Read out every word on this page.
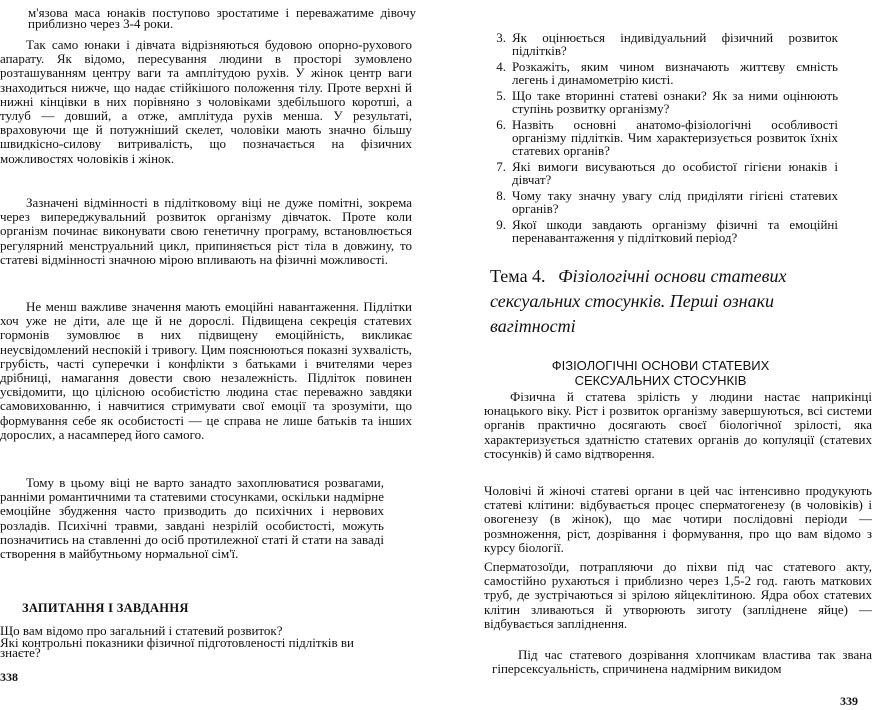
м'язова маса юнаків поступово зростатиме і переважатиме дівочу приблизно через 3-4 роки.

Так само юнаки і дівчата відрізняються будовою опорно-рухового апарату. Як відомо, пересування людини в просторі зумовлено розташуванням центру ваги та амплітудою рухів. У жінок центр ваги знаходиться нижче, що надає стійкішого положення тілу. Проте верхні й нижні кінцівки в них порівняно з чоловіками здебільшого коротші, а тулуб — довший, а отже, амплітуда рухів менша. У результаті, враховуючи ще й потужніший скелет, чоловіки мають значно більшу швидкісно-силову витривалість, що позначається на фізичних можливостях чоловіків і жінок.

Зазначені відмінності в підлітковому віці не дуже помітні, зокрема через випереджувальний розвиток організму дівчаток. Проте коли організм починає виконувати свою генетичну програму, встановлюється регулярний менструальний цикл, припиняється ріст тіла в довжину, то статеві відмінності значною мірою впливають на фізичні можливості.

Не менш важливе значення мають емоційні навантаження. Підлітки хоч уже не діти, але ще й не дорослі. Підвищена секреція статевих гормонів зумовлює в них підвищену емоційність, викликає неусвідомлений неспокій і тривогу. Цим пояснюються показні зухвалість, грубість, часті суперечки і конфлікти з батьками і вчителями через дрібниці, намагання довести свою незалежність. Підліток повинен усвідомити, що цілісною особистістю людина стає переважно завдяки самовихованню, і навчитися стримувати свої емоції та зрозуміти, що формування себе як особистості — це справа не лише батьків та інших дорослих, а насамперед його самого.

Тому в цьому віці не варто занадто захоплюватися розвагами, ранніми романтичними та статевими стосунками, оскільки надмірне емоційне збудження часто призводить до психічних і нервових розладів. Психічні травми, завдані незрілій особистості, можуть позначитись на ставленні до осіб протилежної статі й стати на заваді створення в майбутньому нормальної сім'ї.

ЗАПИТАННЯ І ЗАВДАННЯ
Що вам відомо про загальний і статевий розвиток?
Які контрольні показники фізичної підготовленості підлітків ви знаєте?
338
3. Як оцінюється індивідуальний фізичний розвиток підлітків?
4. Розкажіть, яким чином визначають життєву ємність легень і динамометрію кисті.
5. Що таке вторинні статеві ознаки? Як за ними оцінюють ступінь розвитку організму?
6. Назвіть основні анатомо-фізіологічні особливості організму підлітків. Чим характеризується розвиток їхніх статевих органів?
7. Які вимоги висуваються до особистої гігієни юнаків і дівчат?
8. Чому таку значну увагу слід приділяти гігієні статевих органів?
9. Якої шкоди завдають організму фізичні та емоційні перенавантаження у підлітковий період?
Тема 4. Фізіологічні основи статевих сексуальних стосунків. Перші ознаки вагітності
ФІЗІОЛОГІЧНІ ОСНОВИ СТАТЕВИХ СЕКСУАЛЬНИХ СТОСУНКІВ

Фізична й статева зрілість у людини настає наприкінці юнацького віку. Ріст і розвиток організму завершуються, всі системи органів практично досягають своєї біологічної зрілості, яка характеризується здатністю статевих органів до копуляції (статевих стосунків) й само відтворення.

Чоловічі й жіночі статеві органи в цей час інтенсивно продукують статеві клітини: відбувається процес сперматогенезу (в чоловіків) і овогенезу (в жінок), що має чотири послідовні періоди — розмноження, ріст, дозрівання і формування, про що вам відомо з курсу біології.

Сперматозоїди, потрапляючи до піхви під час статевого акту, самостійно рухаються і приблизно через 1,5-2 год. гають маткових труб, де зустрічаються зі зрілою яйцеклітиною. Ядра обох статевих клітин зливаються й утворюють зиготу (запліднене яйце) — відбувається запліднення.

Під час статевого дозрівання хлопчикам властива так звана гіперсексуальність, спричинена надмірним викидом

339
